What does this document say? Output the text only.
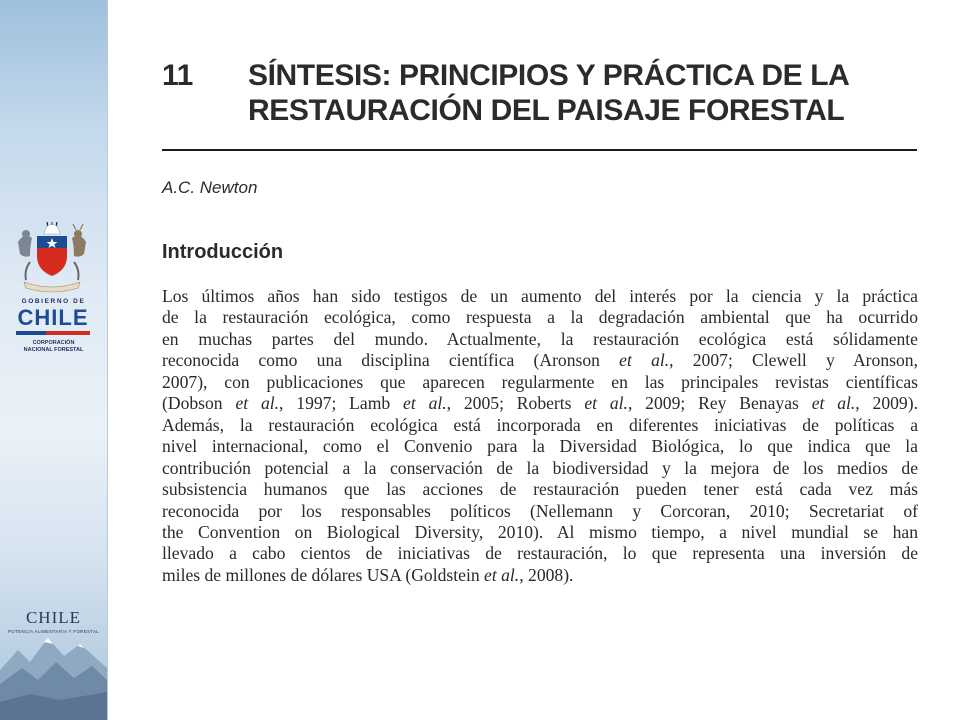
GOBIERNO DE
CHILE
CORPORACIÓN
NACIONAL FORESTAL
CHILE
POTENCIA ALIMENTARIA Y FORESTAL
11 SÍNTESIS: PRINCIPIOS Y PRÁCTICA DE LA
RESTAURACIÓN DEL PAISAJE FORESTAL
A.C. Newton
Introducción
Los últimos años han sido testigos de un aumento del interés por la ciencia y la práctica
de la restauración ecológica, como respuesta a la degradación ambiental que ha ocurrido
en muchas partes del mundo. Actualmente, la restauración ecológica está sólidamente
reconocida como una disciplina científica (Aronson et al., 2007; Clewell y Aronson,
2007), con publicaciones que aparecen regularmente en las principales revistas científicas
(Dobson et al., 1997; Lamb et al., 2005; Roberts et al., 2009; Rey Benayas et al., 2009).
Además, la restauración ecológica está incorporada en diferentes iniciativas de políticas a
nivel internacional, como el Convenio para la Diversidad Biológica, lo que indica que la
contribución potencial a la conservación de la biodiversidad y la mejora de los medios de
subsistencia humanos que las acciones de restauración pueden tener está cada vez más
reconocida por los responsables políticos (Nellemann y Corcoran, 2010; Secretariat of
the Convention on Biological Diversity, 2010). Al mismo tiempo, a nivel mundial se han
llevado a cabo cientos de iniciativas de restauración, lo que representa una inversión de
miles de millones de dólares USA (Goldstein et al., 2008).
